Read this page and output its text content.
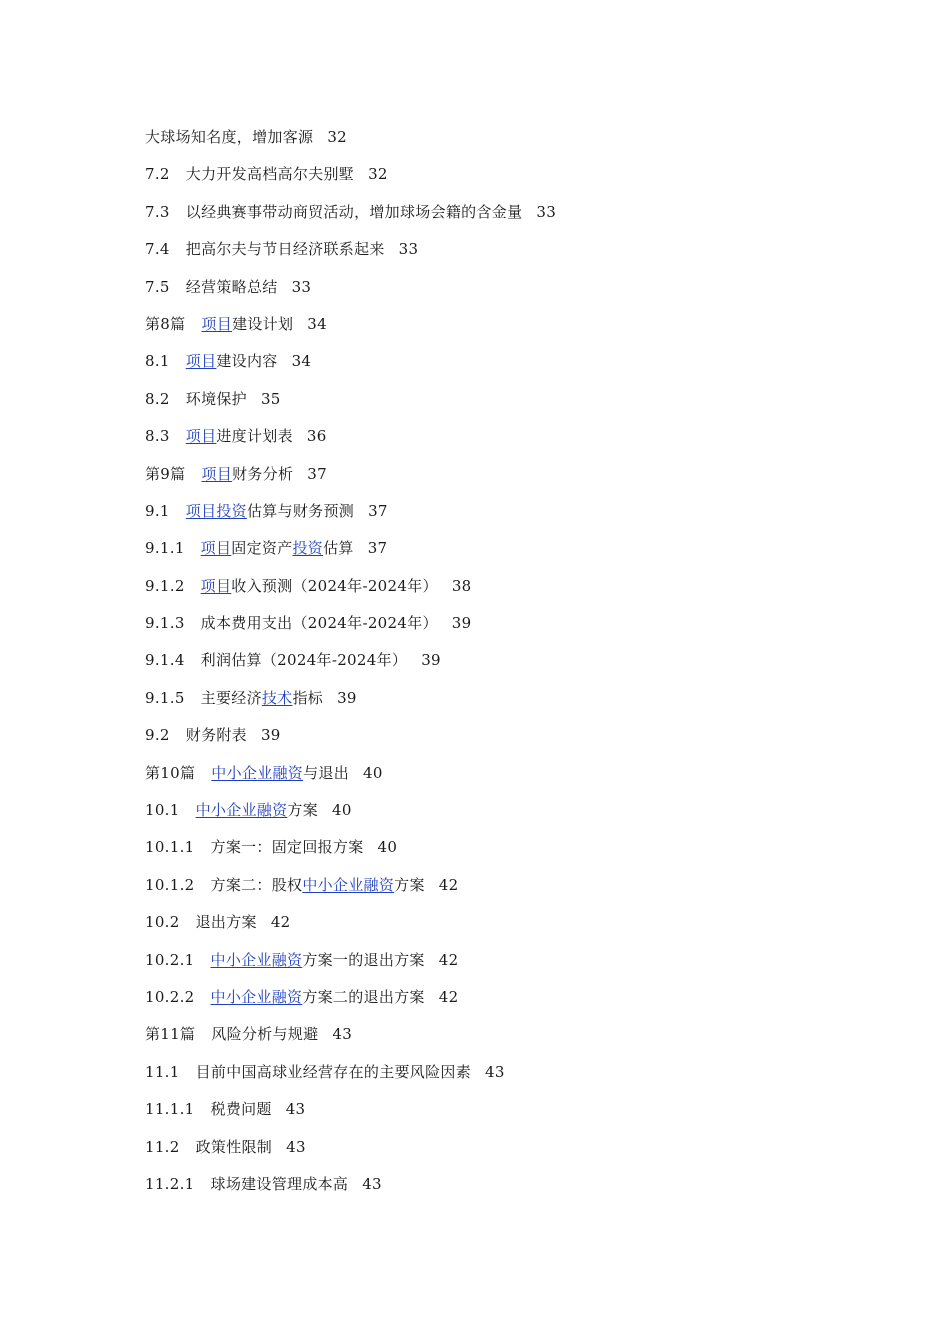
大球场知名度，增加客源 32
7.2 大力开发高档高尔夫别墅 32
7.3 以经典赛事带动商贸活动，增加球场会籍的含金量 33
7.4 把高尔夫与节日经济联系起来 33
7.5 经营策略总结 33
第8篇 项目建设计划 34
8.1 项目建设内容 34
8.2 环境保护 35
8.3 项目进度计划表 36
第9篇 项目财务分析 37
9.1 项目投资估算与财务预测 37
9.1.1 项目固定资产投资估算 37
9.1.2 项目收入预测（2024年-2024年） 38
9.1.3 成本费用支出（2024年-2024年） 39
9.1.4 利润估算（2024年-2024年） 39
9.1.5 主要经济技术指标 39
9.2 财务附表 39
第10篇 中小企业融资与退出 40
10.1 中小企业融资方案 40
10.1.1 方案一：固定回报方案 40
10.1.2 方案二：股权中小企业融资方案 42
10.2 退出方案 42
10.2.1 中小企业融资方案一的退出方案 42
10.2.2 中小企业融资方案二的退出方案 42
第11篇 风险分析与规避 43
11.1 目前中国高球业经营存在的主要风险因素 43
11.1.1 税费问题 43
11.2 政策性限制 43
11.2.1 球场建设管理成本高 43
